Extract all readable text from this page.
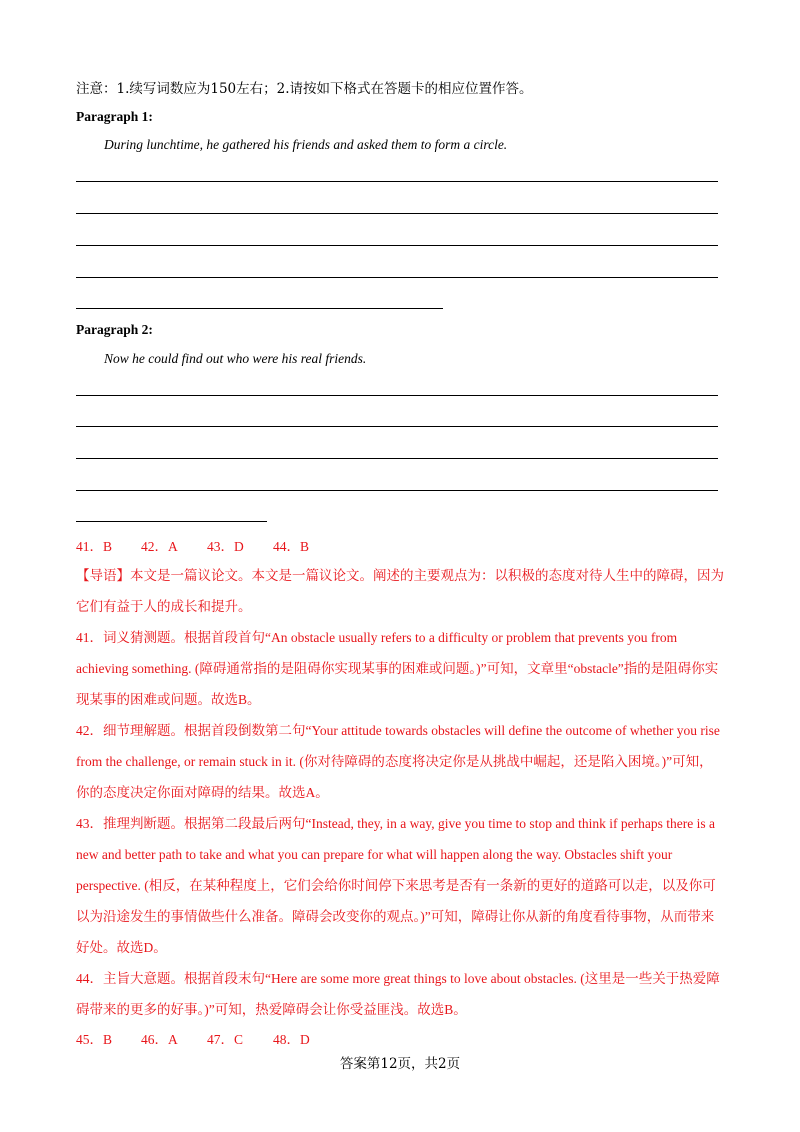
注意：1.续写词数应为150左右；2.请按如下格式在答题卡的相应位置作答。
Paragraph 1:
During lunchtime, he gathered his friends and asked them to form a circle.
Paragraph 2:
Now he could find out who were his real friends.
41．B 42．A 43．D 44．B
【导语】本文是一篇议论文。本文是一篇议论文。阐述的主要观点为：以积极的态度对待人生中的障碍，因为它们有益于人的成长和提升。
41．词义猜测题。根据首段首句“An obstacle usually refers to a difficulty or problem that prevents you from achieving something. (障碍通常指的是阻碍你实现某事的困难或问题。)”可知，文章里“obstacle”指的是阻碍你实现某事的困难或问题。故选B。
42．细节理解题。根据首段倒数第二句“Your attitude towards obstacles will define the outcome of whether you rise from the challenge, or remain stuck in it. (你对待障碍的态度将决定你是从挑战中崛起，还是陷入困境。)”可知，你的态度决定你面对障碍的结果。故选A。
43．推理判断题。根据第二段最后两句“Instead, they, in a way, give you time to stop and think if perhaps there is a new and better path to take and what you can prepare for what will happen along the way. Obstacles shift your perspective. (相反，在某种程度上，它们会给你时间停下来思考是否有一条新的更好的道路可以走，以及你可以为沿途发生的事情做些什么准备。障碍会改变你的观点。)”可知，障碍让你从新的角度看待事物，从而带来好处。故选D。
44．主旨大意题。根据首段末句“Here are some more great things to love about obstacles. (这里是一些关于热爱障碍带来的更多的好事。)”可知，热爱障碍会让你受益匪浅。故选B。
45．B 46．A 47．C 48．D
答案第12页，共2页
